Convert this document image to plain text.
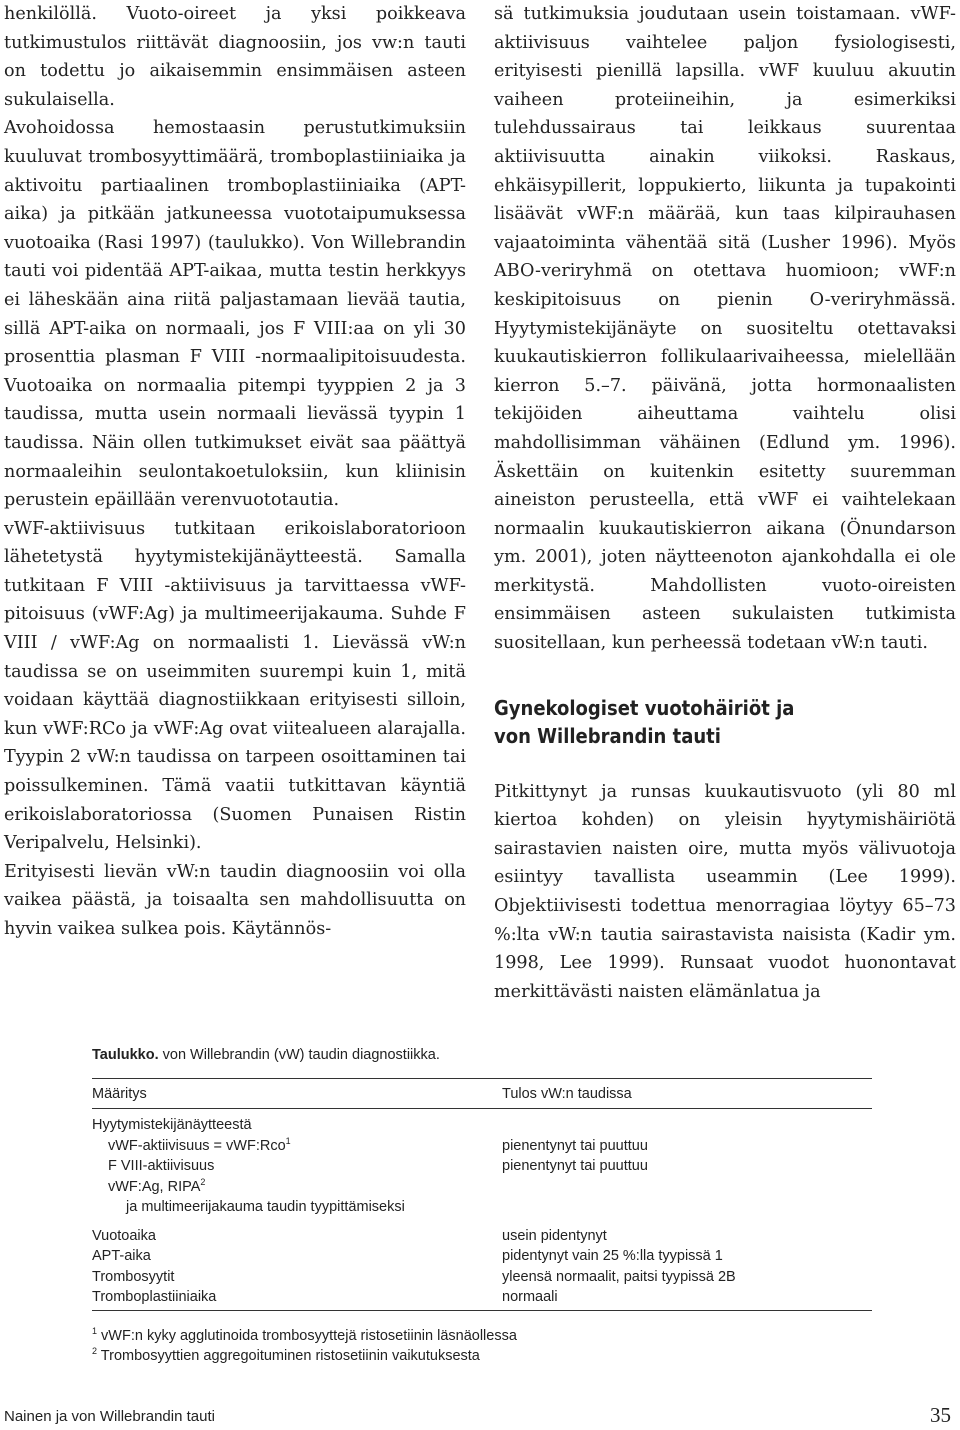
henkilöllä. Vuoto-oireet ja yksi poikkeava tutkimustulos riittävät diagnoosiin, jos vw:n tauti on todettu jo aikaisemmin ensimmäisen asteen sukulaisella.

Avohoidossa hemostaasin perustutkimuksiin kuuluvat trombosyyttimäärä, tromboplastiiniaika ja aktivoitu partiaalinen tromboplastiiniaika (APT-aika) ja pitkään jatkuneessa vuototaipumuksessa vuotoaika (Rasi 1997) (taulukko). Von Willebrandin tauti voi pidentää APT-aikaa, mutta testin herkkyys ei läheskään aina riitä paljastamaan lievää tautia, sillä APT-aika on normaali, jos F VIII:aa on yli 30 prosenttia plasman F VIII -normaalipitoisuudesta. Vuotoaika on normaalia pitempi tyyppien 2 ja 3 taudissa, mutta usein normaali lievässä tyypin 1 taudissa. Näin ollen tutkimukset eivät saa päättyä normaaleihin seulontakoetuloksiin, kun kliinisin perustein epäillään verenvuototautia.

vWF-aktiivisuus tutkitaan erikoislaboratorioon lähetetystä hyytymistekijänäytteestä. Samalla tutkitaan F VIII -aktiivisuus ja tarvittaessa vWF-pitoisuus (vWF:Ag) ja multimeerijakauma. Suhde F VIII / vWF:Ag on normaalisti 1. Lievässä vW:n taudissa se on useimmiten suurempi kuin 1, mitä voidaan käyttää diagnostiikkaan erityisesti silloin, kun vWF:RCo ja vWF:Ag ovat viitealueen alarajalla. Tyypin 2 vW:n taudissa on tarpeen osoittaminen tai poissulkeminen. Tämä vaatii tutkittavan käyntiä erikoislaboratoriossa (Suomen Punaisen Ristin Veripalvelu, Helsinki).

Erityisesti lievän vW:n taudin diagnoosiin voi olla vaikea päästä, ja toisaalta sen mahdollisuutta on hyvin vaikea sulkea pois. Käytännös-

sä tutkimuksia joudutaan usein toistamaan. vWF-aktiivisuus vaihtelee paljon fysiologisesti, erityisesti pienillä lapsilla. vWF kuuluu akuutin vaiheen proteiineihin, ja esimerkiksi tulehdussairaus tai leikkaus suurentaa aktiivisuutta ainakin viikoksi. Raskaus, ehkäisypillerit, loppukierto, liikunta ja tupakointi lisäävät vWF:n määrää, kun taas kilpirauhasen vajaatoiminta vähentää sitä (Lusher 1996). Myös ABO-veriryhmä on otettava huomioon; vWF:n keskipitoisuus on pienin O-veriryhmässä. Hyytymistekijänäyte on suositeltu otettavaksi kuukautiskierron follikulaarivaiheessa, mielellään kierron 5.–7. päivänä, jotta hormonaalisten tekijöiden aiheuttama vaihtelu olisi mahdollisimman vähäinen (Edlund ym. 1996). Äskettäin on kuitenkin esitetty suuremman aineiston perusteella, että vWF ei vaihtelekaan normaalin kuukautiskierron aikana (Önundarson ym. 2001), joten näytteenoton ajankohdalla ei ole merkitystä. Mahdollisten vuoto-oireisten ensimmäisen asteen sukulaisten tutkimista suositellaan, kun perheessä todetaan vW:n tauti.

Gynekologiset vuotohäiriöt ja
von Willebrandin tauti

Pitkittynyt ja runsas kuukautisvuoto (yli 80 ml kiertoa kohden) on yleisin hyytymishäiriötä sairastavien naisten oire, mutta myös välivuotoja esiintyy tavallista useammin (Lee 1999). Objektiivisesti todettua menorragiaa löytyy 65–73 %:lta vW:n tautia sairastavista naisista (Kadir ym. 1998, Lee 1999). Runsaat vuodot huonontavat merkittävästi naisten elämänlatua ja

Taulukko. von Willebrandin (vW) taudin diagnostiikka.
Määritys	Tulos vW:n taudissa
Hyytymistekijänäytteestä
vWF-aktiivisuus = vWF:Rco$^1$	pienentynyt tai puuttuu
F VIII-aktiivisuus	pienentynyt tai puuttuu
vWF:Ag, RIPA$^2$
ja multimeerijakauma taudin tyypittämiseksi
Vuotoaika	usein pidentynyt
APT-aika	pidentynyt vain 25 %:lla tyypissä 1
Trombosyytit	yleensä normaalit, paitsi tyypissä 2B
Tromboplastiiniaika	normaali
$^1$ vWF:n kyky agglutinoida trombosyyttejä ristosetiinin läsnäollessa
$^2$ Trombosyyttien aggregoituminen ristosetiinin vaikutuksesta
Nainen ja von Willebrandin tauti	35
